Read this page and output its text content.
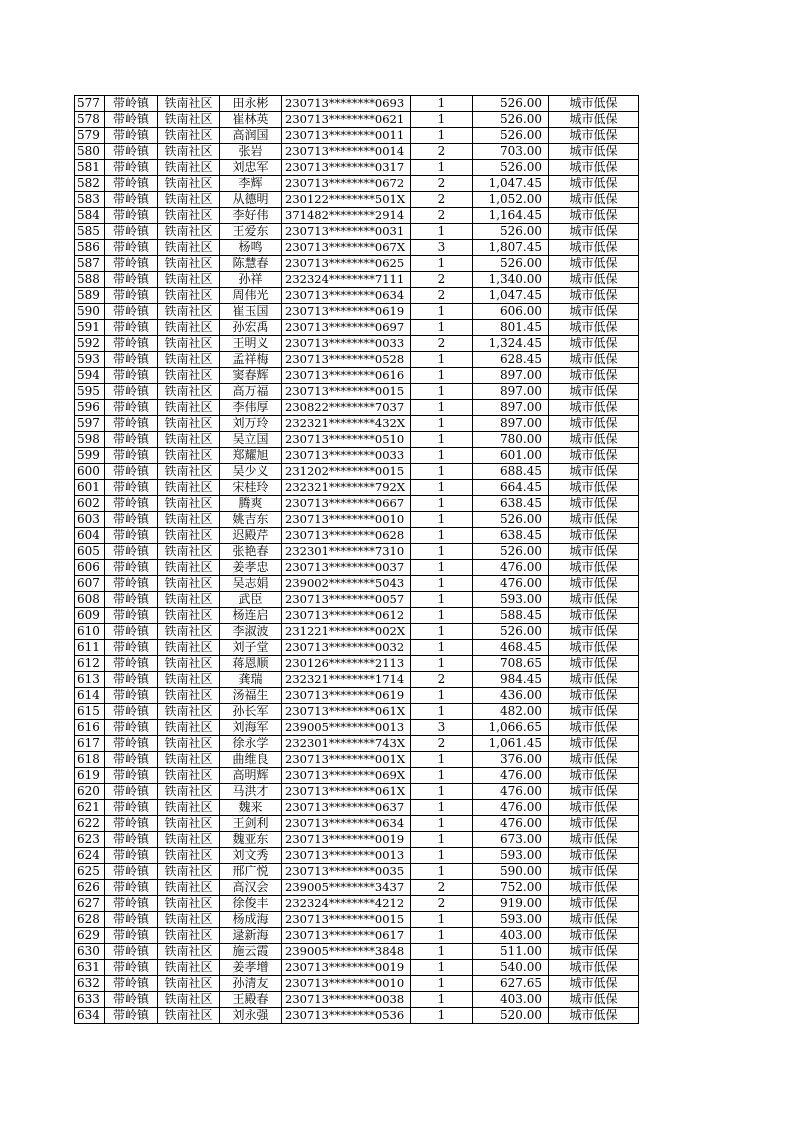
577	带岭镇	铁南社区	田永彬	230713********0693	1	526.00	城市低保
578	带岭镇	铁南社区	崔林英	230713********0621	1	526.00	城市低保
579	带岭镇	铁南社区	高润国	230713********0011	1	526.00	城市低保
580	带岭镇	铁南社区	张岩	230713********0014	2	703.00	城市低保
581	带岭镇	铁南社区	刘忠军	230713********0317	1	526.00	城市低保
582	带岭镇	铁南社区	李辉	230713********0672	2	1,047.45	城市低保
583	带岭镇	铁南社区	从德明	230122********501X	2	1,052.00	城市低保
584	带岭镇	铁南社区	李好伟	371482********2914	2	1,164.45	城市低保
585	带岭镇	铁南社区	王爱东	230713********0031	1	526.00	城市低保
586	带岭镇	铁南社区	杨鸣	230713********067X	3	1,807.45	城市低保
587	带岭镇	铁南社区	陈慧春	230713********0625	1	526.00	城市低保
588	带岭镇	铁南社区	孙祥	232324********7111	2	1,340.00	城市低保
589	带岭镇	铁南社区	周伟光	230713********0634	2	1,047.45	城市低保
590	带岭镇	铁南社区	崔玉国	230713********0619	1	606.00	城市低保
591	带岭镇	铁南社区	孙宏禹	230713********0697	1	801.45	城市低保
592	带岭镇	铁南社区	王明义	230713********0033	2	1,324.45	城市低保
593	带岭镇	铁南社区	孟祥梅	230713********0528	1	628.45	城市低保
594	带岭镇	铁南社区	窦春辉	230713********0616	1	897.00	城市低保
595	带岭镇	铁南社区	高万福	230713********0015	1	897.00	城市低保
596	带岭镇	铁南社区	李伟厚	230822********7037	1	897.00	城市低保
597	带岭镇	铁南社区	刘万玲	232321********432X	1	897.00	城市低保
598	带岭镇	铁南社区	吴立国	230713********0510	1	780.00	城市低保
599	带岭镇	铁南社区	郑耀旭	230713********0033	1	601.00	城市低保
600	带岭镇	铁南社区	吴少义	231202********0015	1	688.45	城市低保
601	带岭镇	铁南社区	宋桂玲	232321********792X	1	664.45	城市低保
602	带岭镇	铁南社区	腾爽	230713********0667	1	638.45	城市低保
603	带岭镇	铁南社区	姚吉东	230713********0010	1	526.00	城市低保
604	带岭镇	铁南社区	迟殿芹	230713********0628	1	638.45	城市低保
605	带岭镇	铁南社区	张艳春	232301********7310	1	526.00	城市低保
606	带岭镇	铁南社区	姜孝忠	230713********0037	1	476.00	城市低保
607	带岭镇	铁南社区	吴志娟	239002********5043	1	476.00	城市低保
608	带岭镇	铁南社区	武臣	230713********0057	1	593.00	城市低保
609	带岭镇	铁南社区	杨连启	230713********0612	1	588.45	城市低保
610	带岭镇	铁南社区	李淑波	231221********002X	1	526.00	城市低保
611	带岭镇	铁南社区	刘子堂	230713********0032	1	468.45	城市低保
612	带岭镇	铁南社区	蒋恩顺	230126********2113	1	708.65	城市低保
613	带岭镇	铁南社区	龚瑞	232321********1714	2	984.45	城市低保
614	带岭镇	铁南社区	汤福生	230713********0619	1	436.00	城市低保
615	带岭镇	铁南社区	孙长军	230713********061X	1	482.00	城市低保
616	带岭镇	铁南社区	刘海军	239005********0013	3	1,066.65	城市低保
617	带岭镇	铁南社区	徐永学	232301********743X	2	1,061.45	城市低保
618	带岭镇	铁南社区	曲维良	230713********001X	1	376.00	城市低保
619	带岭镇	铁南社区	高明辉	230713********069X	1	476.00	城市低保
620	带岭镇	铁南社区	马洪才	230713********061X	1	476.00	城市低保
621	带岭镇	铁南社区	魏来	230713********0637	1	476.00	城市低保
622	带岭镇	铁南社区	王剑利	230713********0634	1	476.00	城市低保
623	带岭镇	铁南社区	魏亚东	230713********0019	1	673.00	城市低保
624	带岭镇	铁南社区	刘文秀	230713********0013	1	593.00	城市低保
625	带岭镇	铁南社区	邢广悦	230713********0035	1	590.00	城市低保
626	带岭镇	铁南社区	高汉会	239005********3437	2	752.00	城市低保
627	带岭镇	铁南社区	徐俊丰	232324********4212	2	919.00	城市低保
628	带岭镇	铁南社区	杨成海	230713********0015	1	593.00	城市低保
629	带岭镇	铁南社区	逯新海	230713********0617	1	403.00	城市低保
630	带岭镇	铁南社区	施云霞	239005********3848	1	511.00	城市低保
631	带岭镇	铁南社区	姜孝增	230713********0019	1	540.00	城市低保
632	带岭镇	铁南社区	孙清友	230713********0010	1	627.65	城市低保
633	带岭镇	铁南社区	王殿春	230713********0038	1	403.00	城市低保
634	带岭镇	铁南社区	刘永强	230713********0536	1	520.00	城市低保
